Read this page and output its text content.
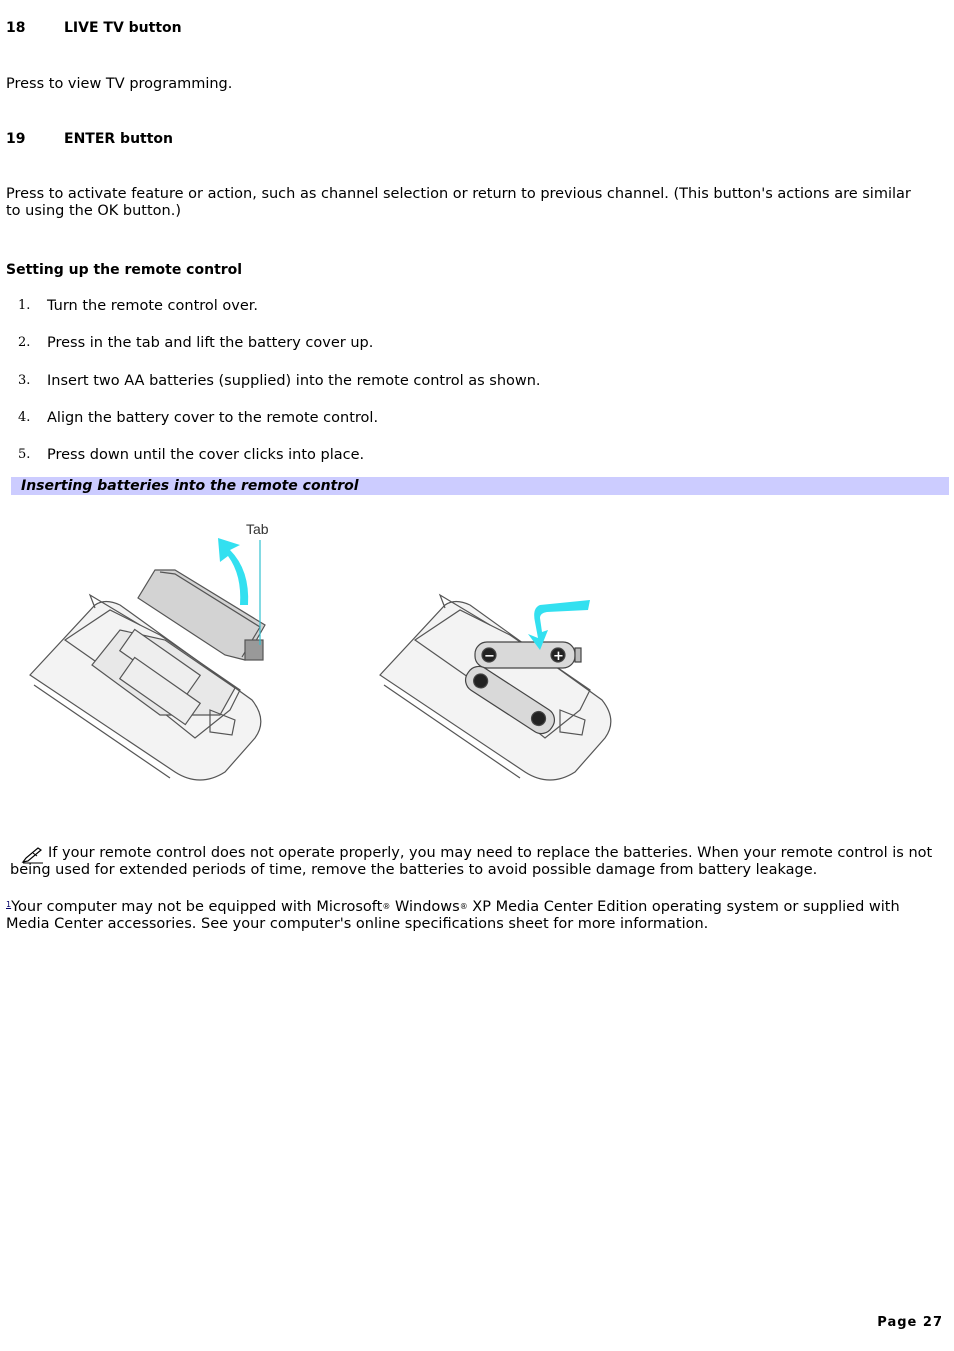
18	LIVE TV button
Press to view TV programming.
19	ENTER button
Press to activate feature or action, such as channel selection or return to previous channel. (This button's actions are similar to using the OK button.)
Setting up the remote control
1. Turn the remote control over.
2. Press in the tab and lift the battery cover up.
3. Insert two AA batteries (supplied) into the remote control as shown.
4. Align the battery cover to the remote control.
5. Press down until the cover clicks into place.
Inserting batteries into the remote control
Tab
−	+
If your remote control does not operate properly, you may need to replace the batteries. When your remote control is not being used for extended periods of time, remove the batteries to avoid possible damage from battery leakage.
$^1$Your computer may not be equipped with Microsoft® Windows® XP Media Center Edition operating system or supplied with Media Center accessories. See your computer's online specifications sheet for more information.
Page 27
